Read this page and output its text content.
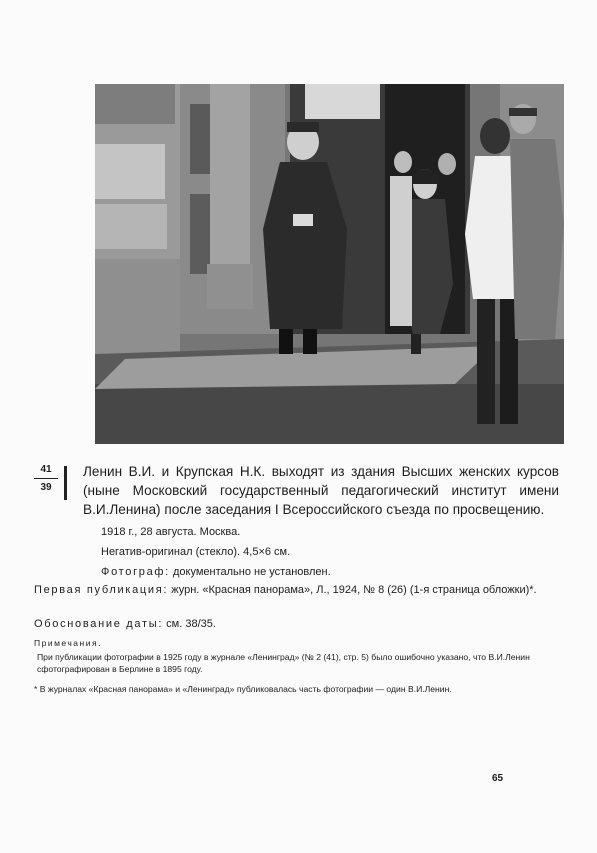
41
39

Ленин В.И. и Крупская Н.К. выходят из здания Высших женских курсов (ныне Московский государственный педагогический институт имени В.И.Ленина) после заседания I Всероссийского съезда по просвещению.

1918 г., 28 августа. Москва.
Негатив-оригинал (стекло). 4,5×6 см.
Фотограф: документально не установлен.

Первая публикация: журн. «Красная панорама», Л., 1924, № 8 (26) (1-я страница обложки)*.

Обоснование даты: см. 38/35.
Примечания.

При публикации фотографии в 1925 году в журнале «Ленинград» (№ 2 (41), стр. 5) было ошибочно указано, что В.И.Ленин сфотографирован в Берлине в 1895 году.

* В журналах «Красная панорама» и «Ленинград» публиковалась часть фотографии — один В.И.Ленин.

65
